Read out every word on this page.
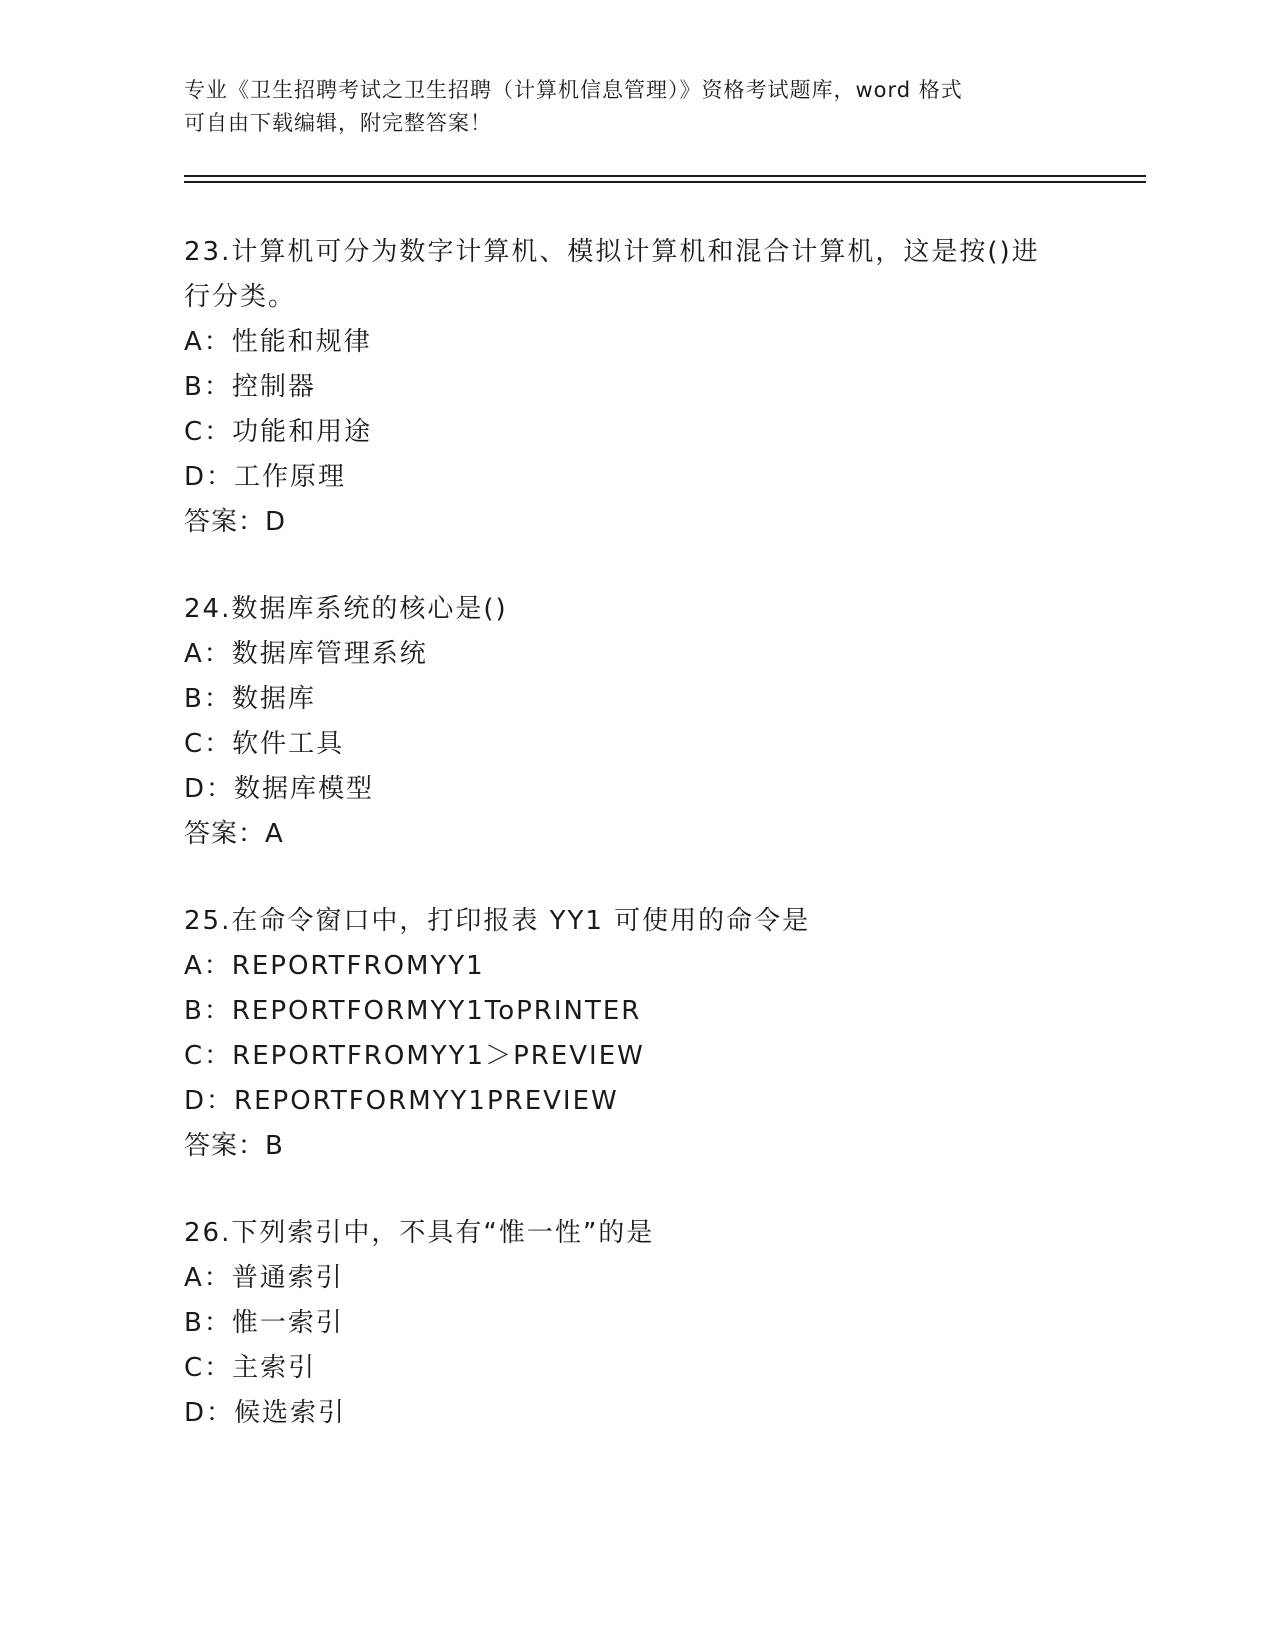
专业《卫生招聘考试之卫生招聘（计算机信息管理）》资格考试题库，word 格式
可自由下载编辑，附完整答案！

23.计算机可分为数字计算机、模拟计算机和混合计算机，这是按()进行分类。

A：性能和规律
B：控制器
C：功能和用途
D：工作原理
答案：D

24.数据库系统的核心是()

A：数据库管理系统
B：数据库
C：软件工具
D：数据库模型
答案：A

25.在命令窗口中，打印报表 YY1 可使用的命令是

A：REPORTFROMYY1
B：REPORTFORMYY1ToPRINTER
C：REPORTFROMYY1＞PREVIEW
D：REPORTFORMYY1PREVIEW
答案：B

26.下列索引中，不具有“惟一性”的是

A：普通索引
B：惟一索引
C：主索引
D：候选索引
